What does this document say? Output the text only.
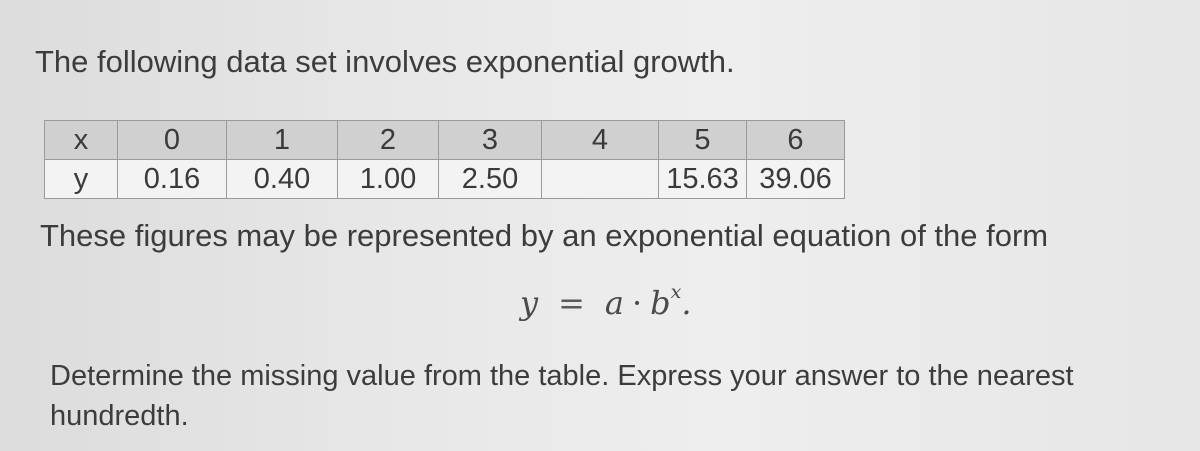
The following data set involves exponential growth.
x	0	1	2	3	4	5	6
y	0.16	0.40	1.00	2.50		15.63	39.06
These figures may be represented by an exponential equation of the form
$y = a \cdot b^x$.
Determine the missing value from the table. Express your answer to the nearest hundredth.
